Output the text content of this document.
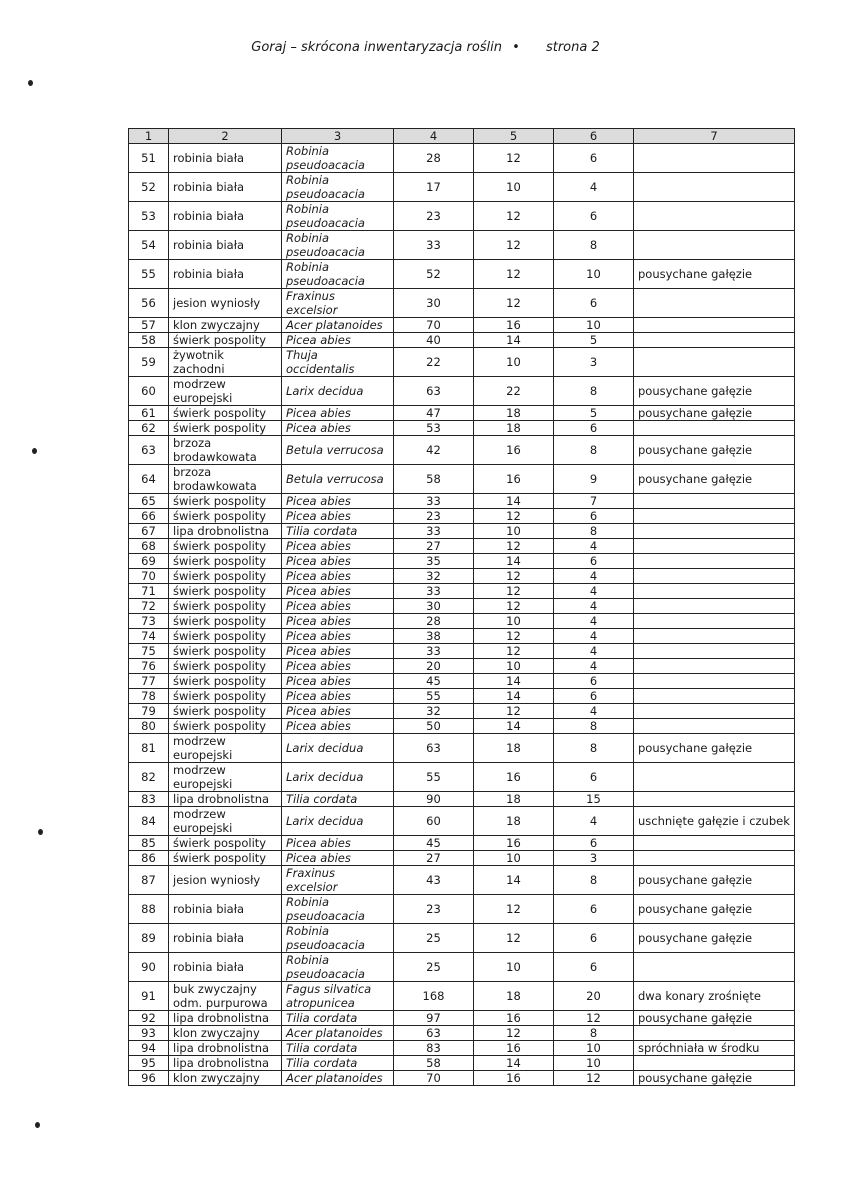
Goraj – skrócona inwentaryzacja roślin • strona 2
1	2	3	4	5	6	7
51	robinia biała	Robinia pseudoacacia	28	12	6	
52	robinia biała	Robinia pseudoacacia	17	10	4	
53	robinia biała	Robinia pseudoacacia	23	12	6	
54	robinia biała	Robinia pseudoacacia	33	12	8	
55	robinia biała	Robinia pseudoacacia	52	12	10	pousychane gałęzie
56	jesion wyniosły	Fraxinus excelsior	30	12	6	
57	klon zwyczajny	Acer platanoides	70	16	10	
58	świerk pospolity	Picea abies	40	14	5	
59	żywotnik zachodni	Thuja occidentalis	22	10	3	
60	modrzew europejski	Larix decidua	63	22	8	pousychane gałęzie
61	świerk pospolity	Picea abies	47	18	5	pousychane gałęzie
62	świerk pospolity	Picea abies	53	18	6	
63	brzoza brodawkowata	Betula verrucosa	42	16	8	pousychane gałęzie
64	brzoza brodawkowata	Betula verrucosa	58	16	9	pousychane gałęzie
65	świerk pospolity	Picea abies	33	14	7	
66	świerk pospolity	Picea abies	23	12	6	
67	lipa drobnolistna	Tilia cordata	33	10	8	
68	świerk pospolity	Picea abies	27	12	4	
69	świerk pospolity	Picea abies	35	14	6	
70	świerk pospolity	Picea abies	32	12	4	
71	świerk pospolity	Picea abies	33	12	4	
72	świerk pospolity	Picea abies	30	12	4	
73	świerk pospolity	Picea abies	28	10	4	
74	świerk pospolity	Picea abies	38	12	4	
75	świerk pospolity	Picea abies	33	12	4	
76	świerk pospolity	Picea abies	20	10	4	
77	świerk pospolity	Picea abies	45	14	6	
78	świerk pospolity	Picea abies	55	14	6	
79	świerk pospolity	Picea abies	32	12	4	
80	świerk pospolity	Picea abies	50	14	8	
81	modrzew europejski	Larix decidua	63	18	8	pousychane gałęzie
82	modrzew europejski	Larix decidua	55	16	6	
83	lipa drobnolistna	Tilia cordata	90	18	15	
84	modrzew europejski	Larix decidua	60	18	4	uschnięte gałęzie i czubek
85	świerk pospolity	Picea abies	45	16	6	
86	świerk pospolity	Picea abies	27	10	3	
87	jesion wyniosły	Fraxinus excelsior	43	14	8	pousychane gałęzie
88	robinia biała	Robinia pseudoacacia	23	12	6	pousychane gałęzie
89	robinia biała	Robinia pseudoacacia	25	12	6	pousychane gałęzie
90	robinia biała	Robinia pseudoacacia	25	10	6	
91	buk zwyczajny odm. purpurowa	Fagus silvatica atropunicea	168	18	20	dwa konary zrośnięte
92	lipa drobnolistna	Tilia cordata	97	16	12	pousychane gałęzie
93	klon zwyczajny	Acer platanoides	63	12	8	
94	lipa drobnolistna	Tilia cordata	83	16	10	spróchniała w środku
95	lipa drobnolistna	Tilia cordata	58	14	10	
96	klon zwyczajny	Acer platanoides	70	16	12	pousychane gałęzie
